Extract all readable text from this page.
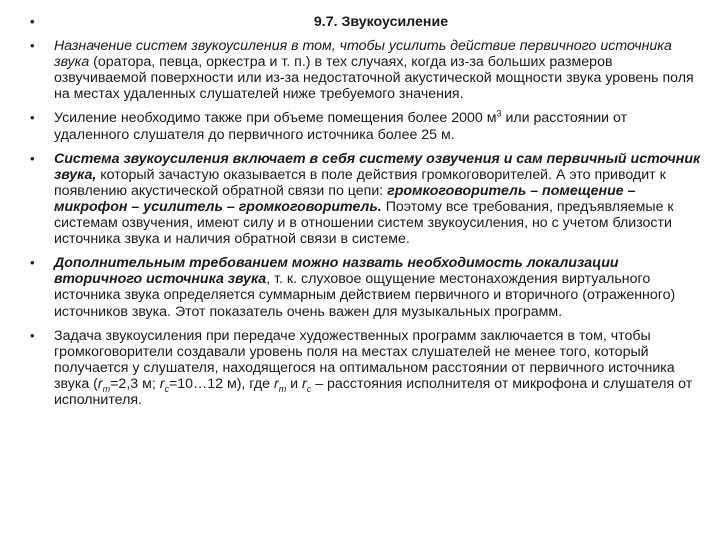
•	9.7. Звукоусиление
•	Назначение систем звукоусиления в том, чтобы усилить действие первичного источника звука (оратора, певца, оркестра и т. п.) в тех случаях, когда из-за больших размеров озвучиваемой поверхности или из-за недостаточной акустической мощности звука уровень поля на местах удаленных слушателей ниже требуемого значения.
•	Усиление необходимо также при объеме помещения более 2000 $м^3$ или расстоянии от удаленного слушателя до первичного источника более 25 м.
•	Система звукоусиления включает в себя систему озвучения и сам первичный источник звука, который зачастую оказывается в поле действия громкоговорителей. А это приводит к появлению акустической обратной связи по цепи: громкоговоритель – помещение – микрофон – усилитель – громкоговоритель. Поэтому все требования, предъявляемые к системам озвучения, имеют силу и в отношении систем звукоусиления, но с учетом близости источника звука и наличия обратной связи в системе.
•	Дополнительным требованием можно назвать необходимость локализации вторичного источника звука, т. к. слуховое ощущение местонахождения виртуального источника звука определяется суммарным действием первичного и вторичного (отраженного) источников звука. Этот показатель очень важен для музыкальных программ.
•	Задача звукоусиления при передаче художественных программ заключается в том, чтобы громкоговорители создавали уровень поля на местах слушателей не менее того, который получается у слушателя, находящегося на оптимальном расстоянии от первичного источника звука ($r_m=2,3$ м; $r_c=10\dots 12$ м), где $r_m$ и $r_c$ – расстояния исполнителя от микрофона и слушателя от исполнителя.
